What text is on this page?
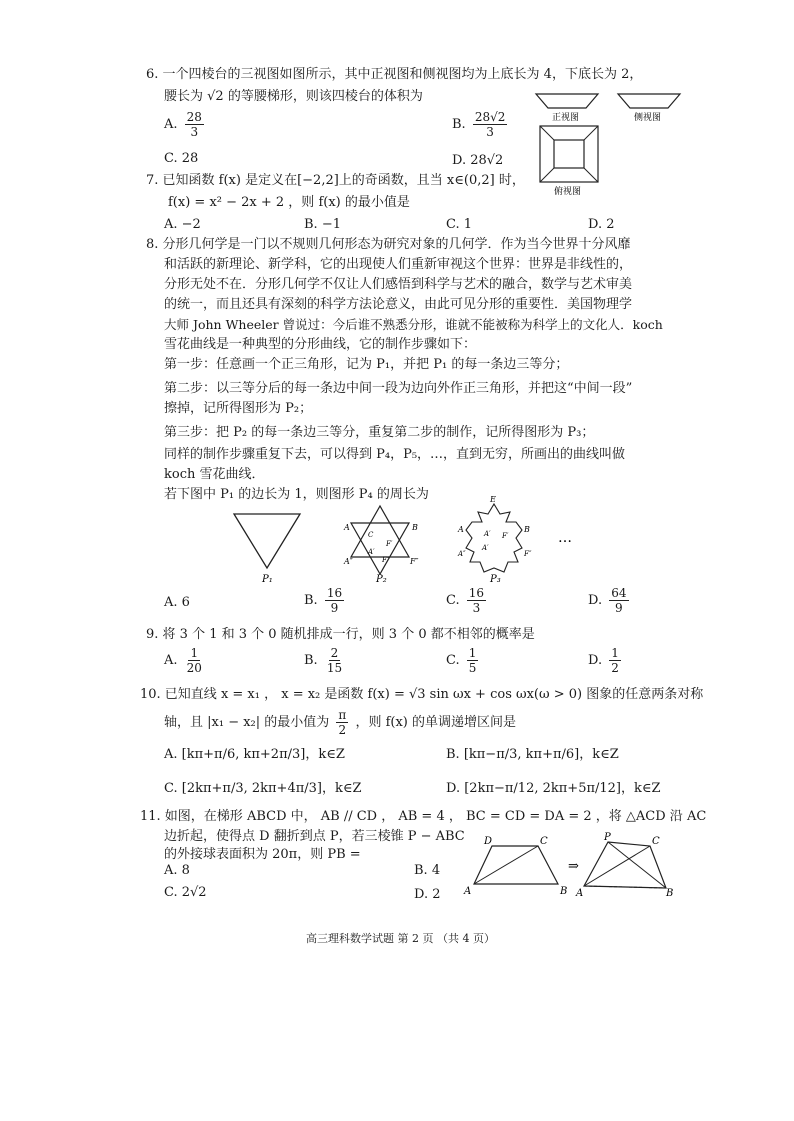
6. 一个四棱台的三视图如图所示，其中正视图和侧视图均为上底长为 4，下底长为 2，
腰长为 √2 的等腰梯形，则该四棱台的体积为
A. $\frac{28}{3}$	B. $\frac{28√2}{3}$
C. 28	D. 28√2
正视图	侧视图
俯视图
7. 已知函数 f(x) 是定义在[−2,2]上的奇函数，且当 x∈(0,2] 时，
f(x) = x² − 2x + 2 ，则 f(x) 的最小值是
A. −2	B. −1	C. 1	D. 2
8. 分形几何学是一门以不规则几何形态为研究对象的几何学．作为当今世界十分风靡
和活跃的新理论、新学科，它的出现使人们重新审视这个世界：世界是非线性的，
分形无处不在．分形几何学不仅让人们感悟到科学与艺术的融合，数学与艺术审美
的统一，而且还具有深刻的科学方法论意义，由此可见分形的重要性．美国物理学
大师 John Wheeler 曾说过：今后谁不熟悉分形，谁就不能被称为科学上的文化人．koch
雪花曲线是一种典型的分形曲线，它的制作步骤如下：
第一步：任意画一个正三角形，记为 P₁，并把 P₁ 的每一条边三等分；
第二步：以三等分后的每一条边中间一段为边向外作正三角形，并把这“中间一段”
擦掉，记所得图形为 P₂；
第三步：把 P₂ 的每一条边三等分，重复第二步的制作，记所得图形为 P₃；
同样的制作步骤重复下去，可以得到 P₄，P₅，…，直到无穷，所画出的曲线叫做
koch 雪花曲线．
若下图中 P₁ 的边长为 1，则图形 P₄ 的周长为
P₁
A	B
A″	F″
C
F′
A′
F″
P₂
E
A	B
A′ F′
A′
F″
A″
P₃
…
A. 6	B. $\frac{16}{9}$	C. $\frac{16}{3}$	D. $\frac{64}{9}$
9. 将 3 个 1 和 3 个 0 随机排成一行，则 3 个 0 都不相邻的概率是
A. $\frac{1}{20}$	B. $\frac{2}{15}$	C. $\frac{1}{5}$	D. $\frac{1}{2}$
10. 已知直线 x = x₁ ， x = x₂ 是函数 f(x) = √3 sin ωx + cos ωx(ω > 0) 图象的任意两条对称
轴，且 |x₁ − x₂| 的最小值为 $\frac{\pi}{2}$ ，则 f(x) 的单调递增区间是
A. [kπ+π/6, kπ+2π/3]，k∈Z	B. [kπ−π/3, kπ+π/6]，k∈Z
C. [2kπ+π/3, 2kπ+4π/3]，k∈Z	D. [2kπ−π/12, 2kπ+5π/12]，k∈Z
11. 如图，在梯形 ABCD 中， AB // CD ， AB = 4 ， BC = CD = DA = 2 ，将 △ACD 沿 AC
边折起，使得点 D 翻折到点 P，若三棱锥 P − ABC
的外接球表面积为 20π，则 PB =
A. 8	B. 4
C. 2√2	D. 2 A	B
C
D
⇒
A	B
C
P
高三理科数学试题 第 2 页 （共 4 页）
